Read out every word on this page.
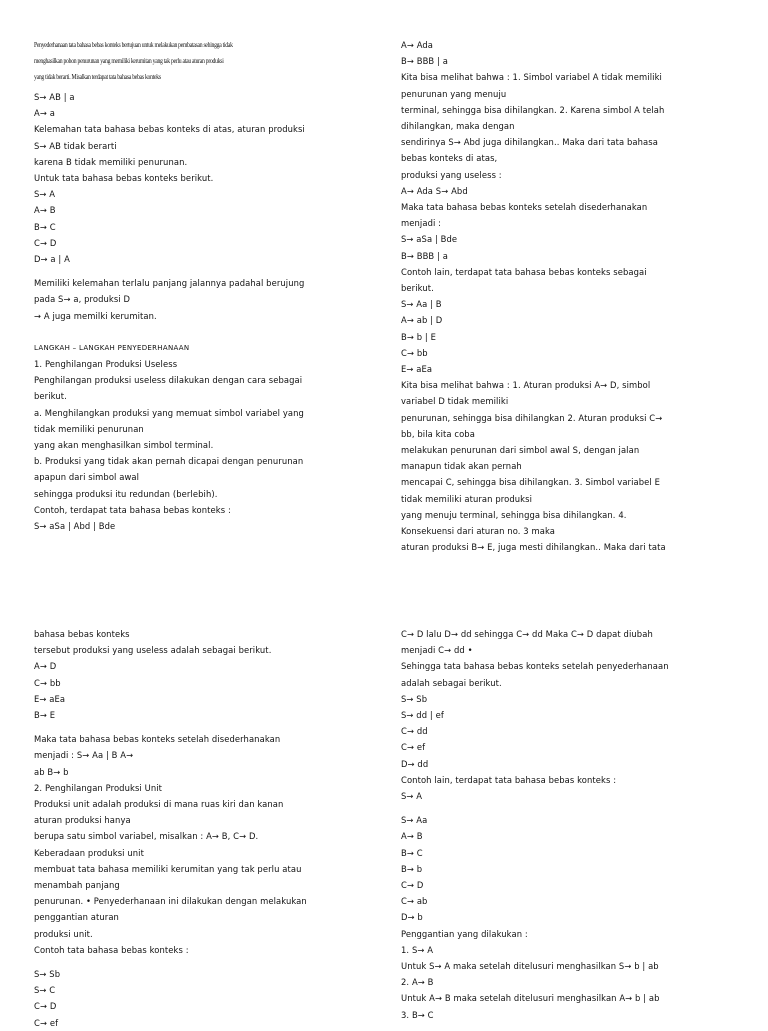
Penyederhanaan tata bahasa bebas konteks bertujuan untuk melakukan pembatasan sehingga tidak
menghasilkan pohon penurunan yang memiliki kerumitan yang tak perlu atau aturan produksi
yang tidak berarti. Misalkan terdapat tata bahasa bebas konteks
S→ AB | a
A→ a
Kelemahan tata bahasa bebas konteks di atas, aturan produksi
S→ AB tidak berarti
karena B tidak memiliki penurunan.
Untuk tata bahasa bebas konteks berikut.
S→ A
A→ B
B→ C
C→ D
D→ a | A
Memiliki kelemahan terlalu panjang jalannya padahal berujung
pada S→ a, produksi D
→ A juga memilki kerumitan.
LANGKAH – LANGKAH PENYEDERHANAAN
1. Penghilangan Produksi Useless
Penghilangan produksi useless dilakukan dengan cara sebagai
berikut.
a. Menghilangkan produksi yang memuat simbol variabel yang
tidak memiliki penurunan
yang akan menghasilkan simbol terminal.
b. Produksi yang tidak akan pernah dicapai dengan penurunan
apapun dari simbol awal
sehingga produksi itu redundan (berlebih).
Contoh, terdapat tata bahasa bebas konteks :
S→ aSa | Abd | Bde
A→ Ada
B→ BBB | a
Kita bisa melihat bahwa : 1. Simbol variabel A tidak memiliki
penurunan yang menuju
terminal, sehingga bisa dihilangkan. 2. Karena simbol A telah
dihilangkan, maka dengan
sendirinya S→ Abd juga dihilangkan.. Maka dari tata bahasa
bebas konteks di atas,
produksi yang useless :
A→ Ada S→ Abd
Maka tata bahasa bebas konteks setelah disederhanakan
menjadi :
S→ aSa | Bde
B→ BBB | a
Contoh lain, terdapat tata bahasa bebas konteks sebagai
berikut.
S→ Aa | B
A→ ab | D
B→ b | E
C→ bb
E→ aEa
Kita bisa melihat bahwa : 1. Aturan produksi A→ D, simbol
variabel D tidak memiliki
penurunan, sehingga bisa dihilangkan 2. Aturan produksi C→
bb, bila kita coba
melakukan penurunan dari simbol awal S, dengan jalan
manapun tidak akan pernah
mencapai C, sehingga bisa dihilangkan. 3. Simbol variabel E
tidak memiliki aturan produksi
yang menuju terminal, sehingga bisa dihilangkan. 4.
Konsekuensi dari aturan no. 3 maka
aturan produksi B→ E, juga mesti dihilangkan.. Maka dari tata
bahasa bebas konteks
tersebut produksi yang useless adalah sebagai berikut.
A→ D
C→ bb
E→ aEa
B→ E
Maka tata bahasa bebas konteks setelah disederhanakan
menjadi : S→ Aa | B A→
ab B→ b
2. Penghilangan Produksi Unit
Produksi unit adalah produksi di mana ruas kiri dan kanan
aturan produksi hanya
berupa satu simbol variabel, misalkan : A→ B, C→ D.
Keberadaan produksi unit
membuat tata bahasa memiliki kerumitan yang tak perlu atau
menambah panjang
penurunan. • Penyederhanaan ini dilakukan dengan melakukan
penggantian aturan
produksi unit.
Contoh tata bahasa bebas konteks :
S→ Sb
S→ C
C→ D
C→ ef
C→ D lalu D→ dd sehingga C→ dd Maka C→ D dapat diubah
menjadi C→ dd •
Sehingga tata bahasa bebas konteks setelah penyederhanaan
adalah sebagai berikut.
S→ Sb
S→ dd | ef
C→ dd
C→ ef
D→ dd
Contoh lain, terdapat tata bahasa bebas konteks :
S→ A
S→ Aa
A→ B
B→ C
B→ b
C→ D
C→ ab
D→ b
Penggantian yang dilakukan :
1. S→ A
Untuk S→ A maka setelah ditelusuri menghasilkan S→ b | ab
2. A→ B
Untuk A→ B maka setelah ditelusuri menghasilkan A→ b | ab
3. B→ C
